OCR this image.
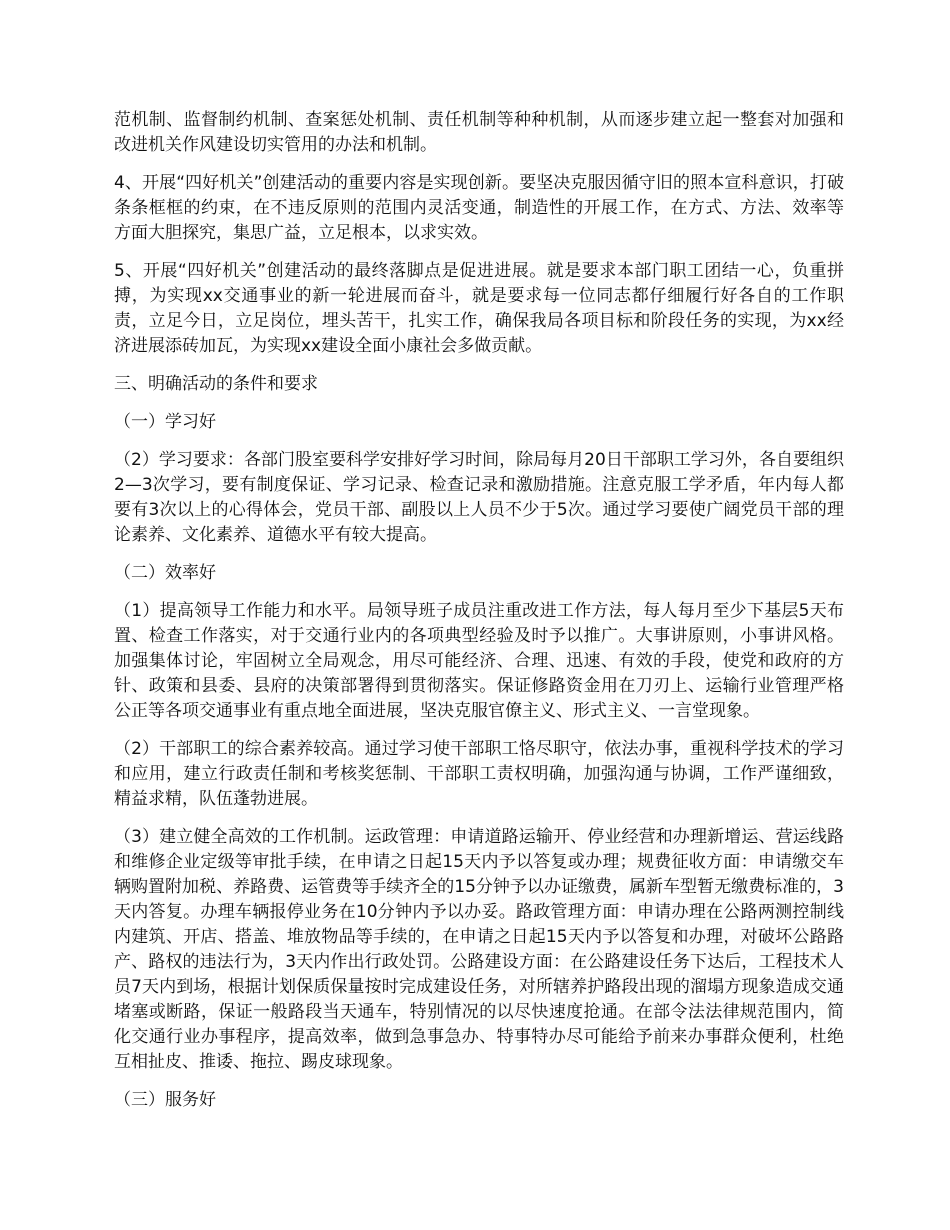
范机制、监督制约机制、查案惩处机制、责任机制等种种机制，从而逐步建立起一整套对加强和改进机关作风建设切实管用的办法和机制。

4、开展“四好机关”创建活动的重要内容是实现创新。要坚决克服因循守旧的照本宣科意识，打破条条框框的约束，在不违反原则的范围内灵活变通，制造性的开展工作，在方式、方法、效率等方面大胆探究，集思广益，立足根本，以求实效。

5、开展“四好机关”创建活动的最终落脚点是促进进展。就是要求本部门职工团结一心，负重拼搏，为实现xx交通事业的新一轮进展而奋斗，就是要求每一位同志都仔细履行好各自的工作职责，立足今日，立足岗位，埋头苦干，扎实工作，确保我局各项目标和阶段任务的实现，为xx经济进展添砖加瓦，为实现xx建设全面小康社会多做贡献。

三、明确活动的条件和要求

（一）学习好

（2）学习要求：各部门股室要科学安排好学习时间，除局每月20日干部职工学习外，各自要组织2—3次学习，要有制度保证、学习记录、检查记录和激励措施。注意克服工学矛盾，年内每人都要有3次以上的心得体会，党员干部、副股以上人员不少于5次。通过学习要使广阔党员干部的理论素养、文化素养、道德水平有较大提高。

（二）效率好

（1）提高领导工作能力和水平。局领导班子成员注重改进工作方法，每人每月至少下基层5天布置、检查工作落实，对于交通行业内的各项典型经验及时予以推广。大事讲原则，小事讲风格。加强集体讨论，牢固树立全局观念，用尽可能经济、合理、迅速、有效的手段，使党和政府的方针、政策和县委、县府的决策部署得到贯彻落实。保证修路资金用在刀刃上、运输行业管理严格公正等各项交通事业有重点地全面进展，坚决克服官僚主义、形式主义、一言堂现象。

（2）干部职工的综合素养较高。通过学习使干部职工恪尽职守，依法办事，重视科学技术的学习和应用，建立行政责任制和考核奖惩制、干部职工责权明确，加强沟通与协调，工作严谨细致，精益求精，队伍蓬勃进展。

（3）建立健全高效的工作机制。运政管理：申请道路运输开、停业经营和办理新增运、营运线路和维修企业定级等审批手续，在申请之日起15天内予以答复或办理；规费征收方面：申请缴交车辆购置附加税、养路费、运管费等手续齐全的15分钟予以办证缴费，属新车型暂无缴费标准的，3天内答复。办理车辆报停业务在10分钟内予以办妥。路政管理方面：申请办理在公路两测控制线内建筑、开店、搭盖、堆放物品等手续的，在申请之日起15天内予以答复和办理，对破坏公路路产、路权的违法行为，3天内作出行政处罚。公路建设方面：在公路建设任务下达后，工程技术人员7天内到场，根据计划保质保量按时完成建设任务，对所辖养护路段出现的溜塌方现象造成交通堵塞或断路，保证一般路段当天通车，特别情况的以尽快速度抢通。在部令法法律规范围内，简化交通行业办事程序，提高效率，做到急事急办、特事特办尽可能给予前来办事群众便利，杜绝互相扯皮、推诿、拖拉、踢皮球现象。

（三）服务好
